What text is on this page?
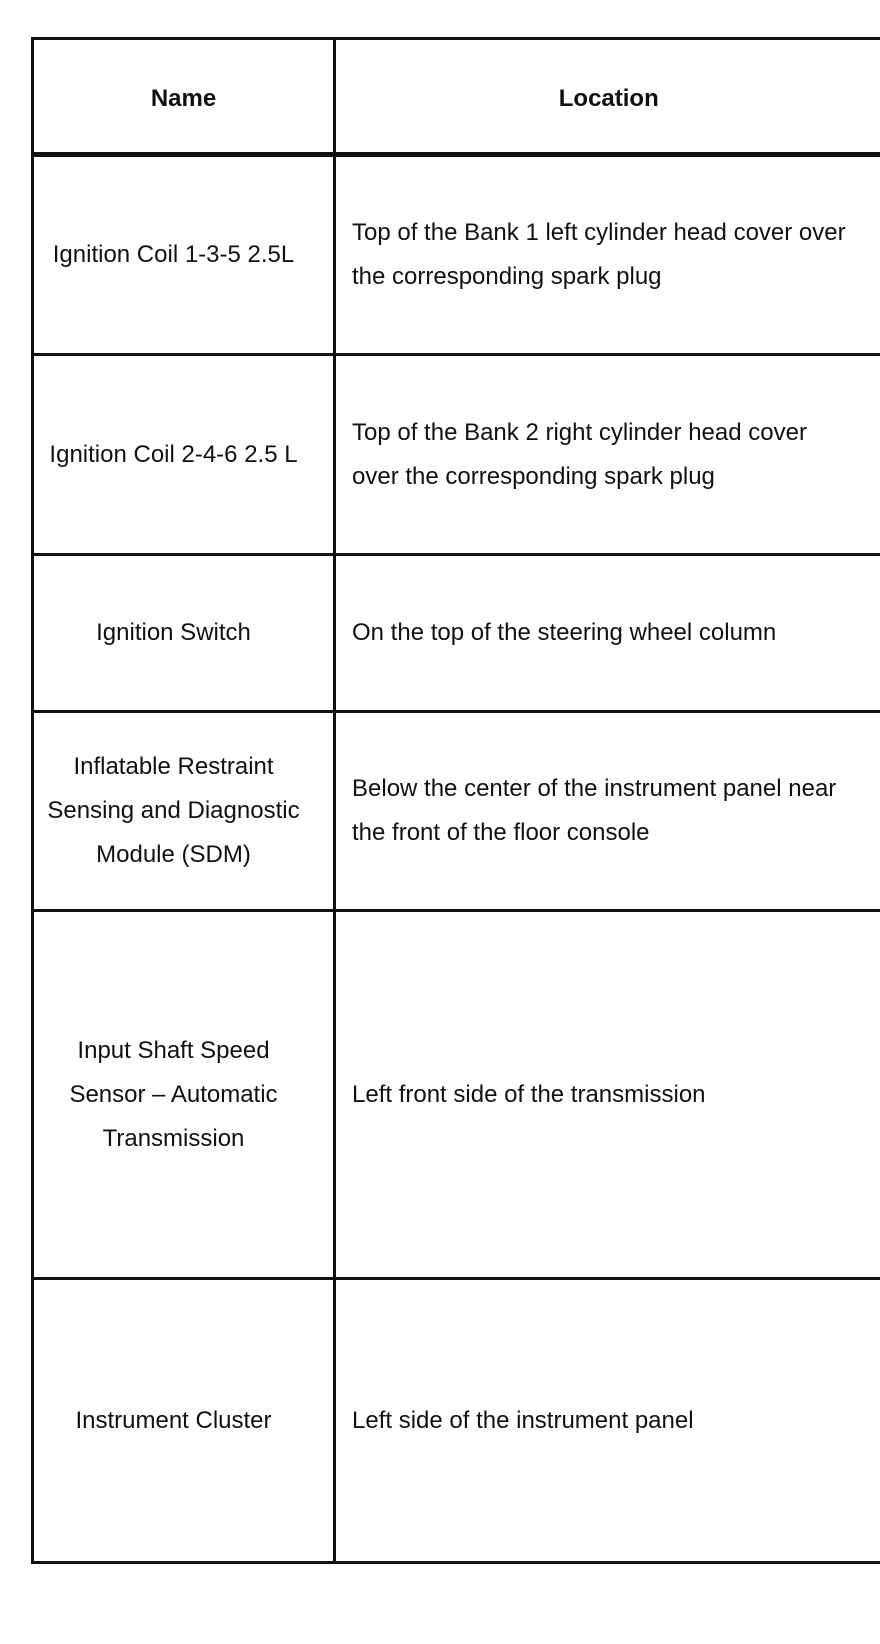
Name	Location
Ignition Coil 1-3-5 2.5L	Top of the Bank 1 left cylinder head cover over the corresponding spark plug
Ignition Coil 2-4-6 2.5 L	Top of the Bank 2 right cylinder head cover over the corresponding spark plug
Ignition Switch	On the top of the steering wheel column
Inflatable Restraint Sensing and Diagnostic Module (SDM)	Below the center of the instrument panel near the front of the floor console
Input Shaft Speed Sensor – Automatic Transmission	Left front side of the transmission
Instrument Cluster	Left side of the instrument panel
